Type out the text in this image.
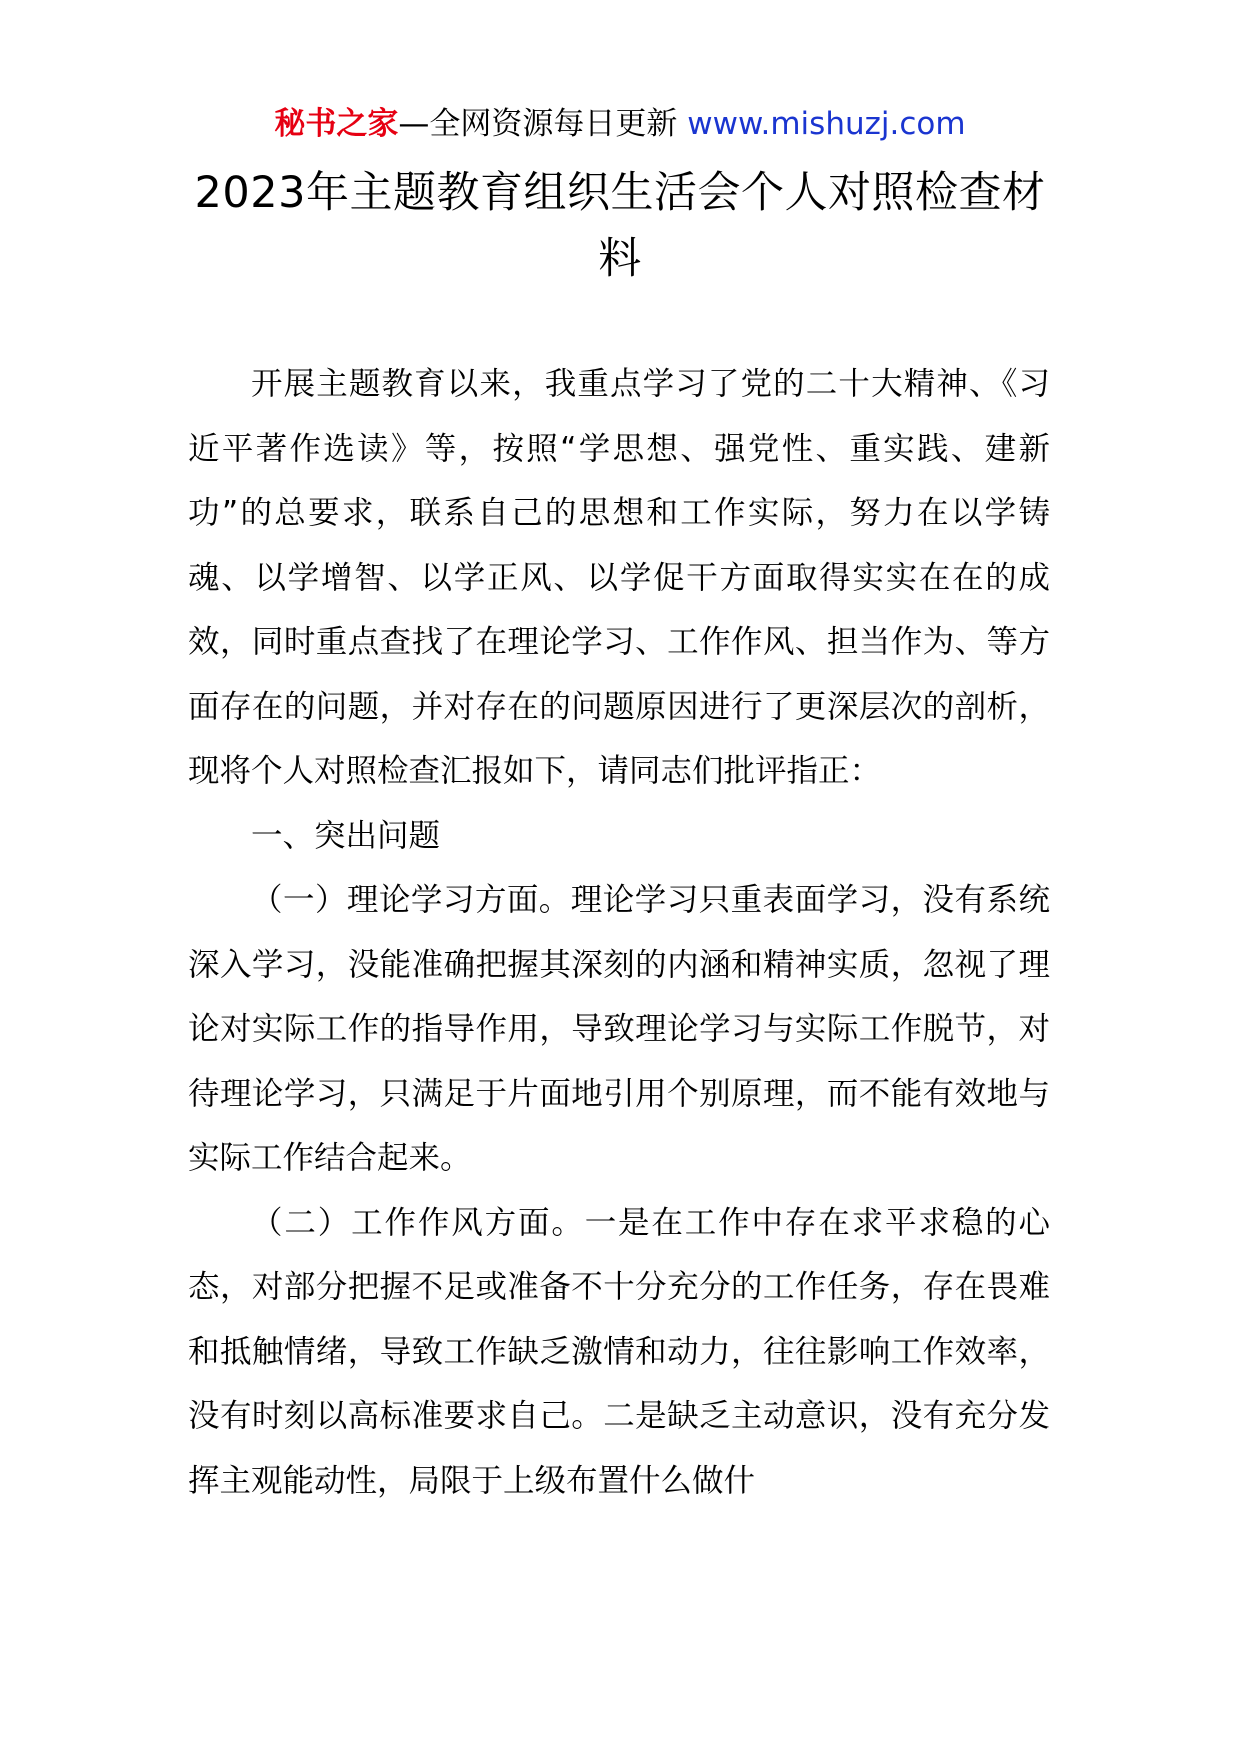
秘书之家—全网资源每日更新 www.mishuzj.com
2023年主题教育组织生活会个人对照检查材料

开展主题教育以来，我重点学习了党的二十大精神、《习近平著作选读》等，按照“学思想、强党性、重实践、建新功”的总要求，联系自己的思想和工作实际，努力在以学铸魂、以学增智、以学正风、以学促干方面取得实实在在的成效，同时重点查找了在理论学习、工作作风、担当作为、等方面存在的问题，并对存在的问题原因进行了更深层次的剖析，现将个人对照检查汇报如下，请同志们批评指正：

一、突出问题

（一）理论学习方面。理论学习只重表面学习，没有系统深入学习，没能准确把握其深刻的内涵和精神实质，忽视了理论对实际工作的指导作用，导致理论学习与实际工作脱节，对待理论学习，只满足于片面地引用个别原理，而不能有效地与实际工作结合起来。

（二）工作作风方面。一是在工作中存在求平求稳的心态，对部分把握不足或准备不十分充分的工作任务，存在畏难和抵触情绪，导致工作缺乏激情和动力，往往影响工作效率，没有时刻以高标准要求自己。二是缺乏主动意识，没有充分发挥主观能动性，局限于上级布置什么做什
